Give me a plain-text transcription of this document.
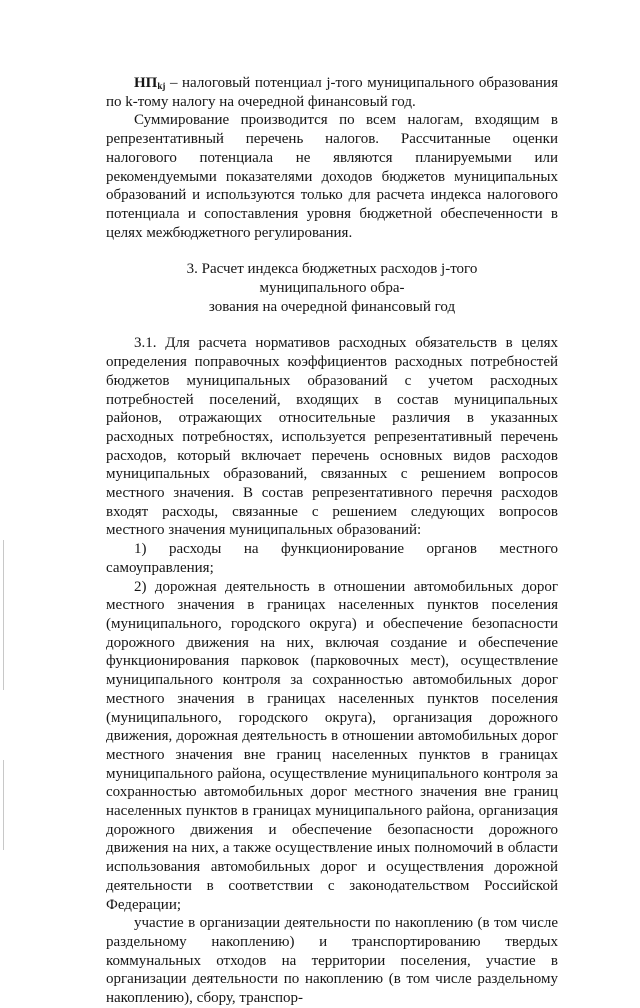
$НП_{kj}$ – налоговый потенциал j-того муниципального образования по k-тому налогу на очередной финансовый год.

Суммирование производится по всем налогам, входящим в репрезентативный перечень налогов. Рассчитанные оценки налогового потенциала не являются планируемыми или рекомендуемыми показателями доходов бюджетов муниципальных образований и используются только для расчета индекса налогового потенциала и сопоставления уровня бюджетной обеспеченности в целях межбюджетного регулирования.

3. Расчет индекса бюджетных расходов j-того муниципального обра-
зования на очередной финансовый год

3.1. Для расчета нормативов расходных обязательств в целях определения поправочных коэффициентов расходных потребностей бюджетов муниципальных образований с учетом расходных потребностей поселений, входящих в состав муниципальных районов, отражающих относительные различия в указанных расходных потребностях, используется репрезентативный перечень расходов, который включает перечень основных видов расходов муниципальных образований, связанных с решением вопросов местного значения. В состав репрезентативного перечня расходов входят расходы, связанные с решением следующих вопросов местного значения муниципальных образований:

1) расходы на функционирование органов местного самоуправления;

2) дорожная деятельность в отношении автомобильных дорог местного значения в границах населенных пунктов поселения (муниципального, городского округа) и обеспечение безопасности дорожного движения на них, включая создание и обеспечение функционирования парковок (парковочных мест), осуществление муниципального контроля за сохранностью автомобильных дорог местного значения в границах населенных пунктов поселения (муниципального, городского округа), организация дорожного движения, дорожная деятельность в отношении автомобильных дорог местного значения вне границ населенных пунктов в границах муниципального района, осуществление муниципального контроля за сохранностью автомобильных дорог местного значения вне границ населенных пунктов в границах муниципального района, организация дорожного движения и обеспечение безопасности дорожного движения на них, а также осуществление иных полномочий в области использования автомобильных дорог и осуществления дорожной деятельности в соответствии с законодательством Российской Федерации;

участие в организации деятельности по накоплению (в том числе раздельному накоплению) и транспортированию твердых коммунальных отходов на территории поселения, участие в организации деятельности по накоплению (в том числе раздельному накоплению), сбору, транспор-
